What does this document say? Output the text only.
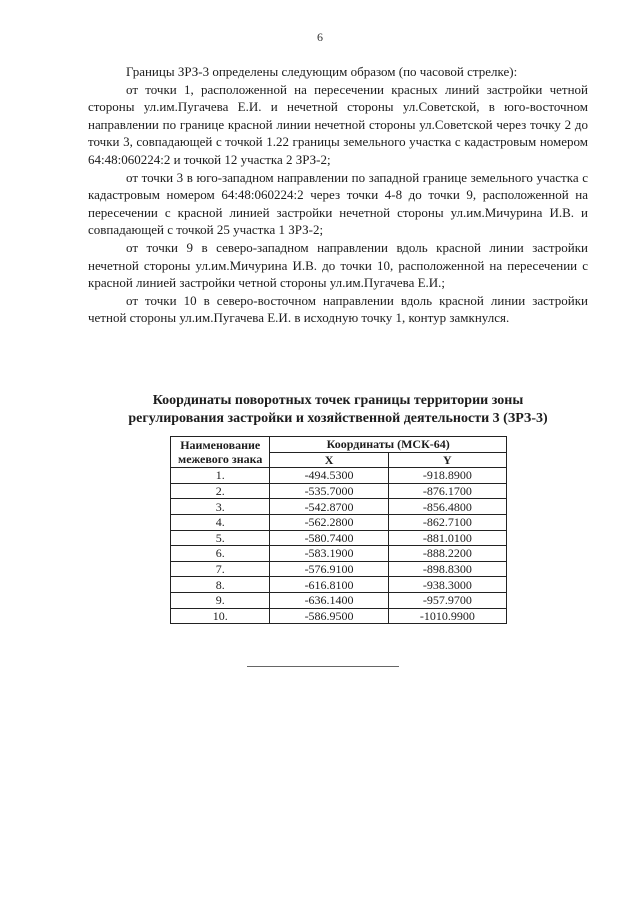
6

Границы ЗРЗ-3 определены следующим образом (по часовой стрелке):

от точки 1, расположенной на пересечении красных линий застройки четной стороны ул.им.Пугачева Е.И. и нечетной стороны ул.Советской, в юго-восточном направлении по границе красной линии нечетной стороны ул.Советской через точку 2 до точки 3, совпадающей с точкой 1.22 границы земельного участка с кадастровым номером 64:48:060224:2 и точкой 12 участка 2 ЗРЗ-2;

от точки 3 в юго-западном направлении по западной границе земельного участка с кадастровым номером 64:48:060224:2 через точки 4-8 до точки 9, расположенной на пересечении с красной линией застройки нечетной стороны ул.им.Мичурина И.В. и совпадающей с точкой 25 участка 1 ЗРЗ-2;

от точки 9 в северо-западном направлении вдоль красной линии застройки нечетной стороны ул.им.Мичурина И.В. до точки 10, расположенной на пересечении с красной линией застройки четной стороны ул.им.Пугачева Е.И.;

от точки 10 в северо-восточном направлении вдоль красной линии застройки четной стороны ул.им.Пугачева Е.И. в исходную точку 1, контур замкнулся.

Координаты поворотных точек границы территории зоны
регулирования застройки и хозяйственной деятельности 3 (ЗРЗ-3)
Наименование межевого знака	Координаты (МСК-64)	
	X	Y
1.	-494.5300	-918.8900
2.	-535.7000	-876.1700
3.	-542.8700	-856.4800
4.	-562.2800	-862.7100
5.	-580.7400	-881.0100
6.	-583.1900	-888.2200
7.	-576.9100	-898.8300
8.	-616.8100	-938.3000
9.	-636.1400	-957.9700
10.	-586.9500	-1010.9900
